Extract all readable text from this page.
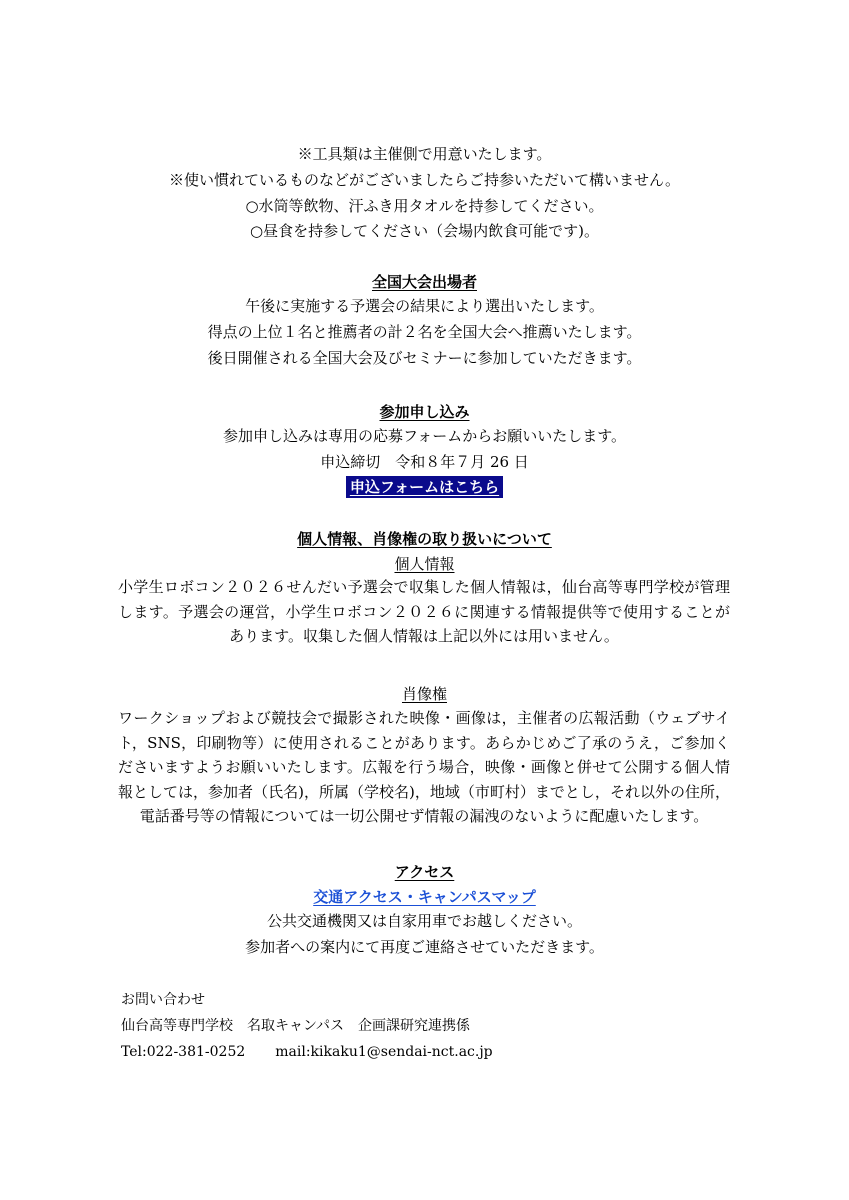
※工具類は主催側で用意いたします。
※使い慣れているものなどがございましたらご持参いただいて構いません。
○水筒等飲物、汗ふき用タオルを持参してください。
○昼食を持参してください（会場内飲食可能です)。
全国大会出場者
午後に実施する予選会の結果により選出いたします。
得点の上位１名と推薦者の計２名を全国大会へ推薦いたします。
後日開催される全国大会及びセミナーに参加していただきます。
参加申し込み
参加申し込みは専用の応募フォームからお願いいたします。
申込締切　令和８年７月 26 日
申込フォームはこちら
個人情報、肖像権の取り扱いについて
個人情報
小学生ロボコン２０２６せんだい予選会で収集した個人情報は，仙台高等専門学校が管理します。予選会の運営，小学生ロボコン２０２６に関連する情報提供等で使用することがあります。収集した個人情報は上記以外には用いません。
肖像権
ワークショップおよび競技会で撮影された映像・画像は，主催者の広報活動（ウェブサイト，SNS，印刷物等）に使用されることがあります。あらかじめご了承のうえ，ご参加くださいますようお願いいたします。広報を行う場合，映像・画像と併せて公開する個人情報としては，参加者（氏名)，所属（学校名)，地域（市町村）までとし，それ以外の住所，電話番号等の情報については一切公開せず情報の漏洩のないように配慮いたします。
アクセス
交通アクセス・キャンパスマップ
公共交通機関又は自家用車でお越しください。
参加者への案内にて再度ご連絡させていただきます。
お問い合わせ
仙台高等専門学校　名取キャンパス　企画課研究連携係
Tel:022-381-0252 mail:kikaku1@sendai-nct.ac.jp
